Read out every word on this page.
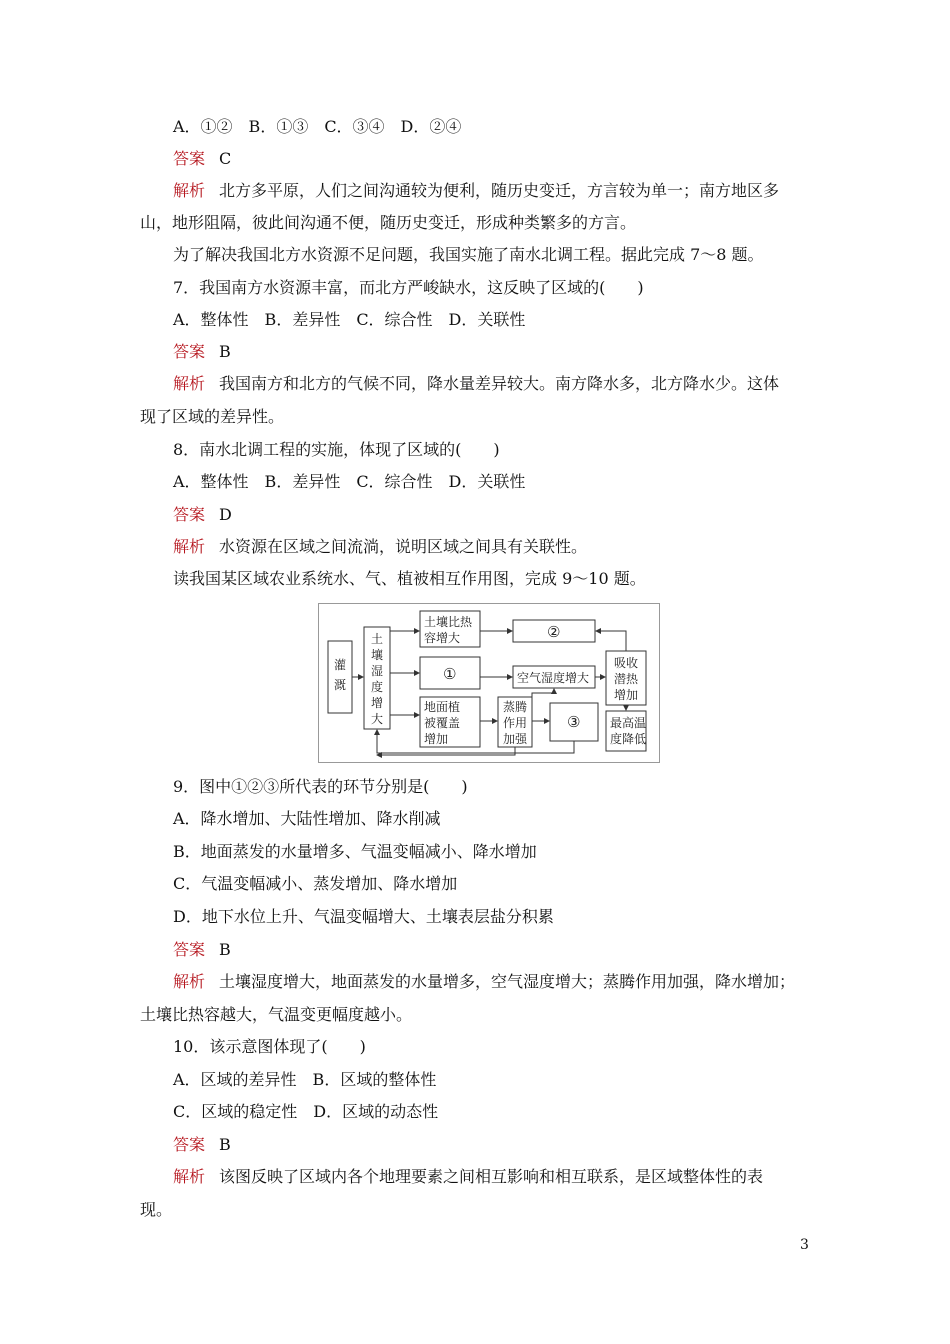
A．①②　B．①③　C．③④　D．②④
答案 C
解析 北方多平原，人们之间沟通较为便利，随历史变迁，方言较为单一；南方地区多
山，地形阻隔，彼此间沟通不便，随历史变迁，形成种类繁多的方言。
为了解决我国北方水资源不足问题，我国实施了南水北调工程。据此完成 7～8 题。
7．我国南方水资源丰富，而北方严峻缺水，这反映了区域的(　　)
A．整体性　B．差异性　C．综合性　D．关联性
答案 B
解析 我国南方和北方的气候不同，降水量差异较大。南方降水多，北方降水少。这体
现了区域的差异性。
8．南水北调工程的实施，体现了区域的(　　)
A．整体性　B．差异性　C．综合性　D．关联性
答案 D
解析 水资源在区域之间流淌，说明区域之间具有关联性。
读我国某区域农业系统水、气、植被相互作用图，完成 9～10 题。
灌
溉
土
壤
湿
度
增
大
土壤比热
容增大	②
①	空气湿度增大
地面植
被覆盖
增加
蒸腾
作用
加强
③
吸收
潜热
增加
最高温
度降低
9．图中①②③所代表的环节分别是(　　)
A．降水增加、大陆性增加、降水削减
B．地面蒸发的水量增多、气温变幅减小、降水增加
C．气温变幅减小、蒸发增加、降水增加
D．地下水位上升、气温变幅增大、土壤表层盐分积累
答案 B
解析 土壤湿度增大，地面蒸发的水量增多，空气湿度增大；蒸腾作用加强，降水增加；
土壤比热容越大，气温变更幅度越小。
10．该示意图体现了(　　)
A．区域的差异性　B．区域的整体性
C．区域的稳定性　D．区域的动态性
答案 B
解析 该图反映了区域内各个地理要素之间相互影响和相互联系，是区域整体性的表
现。
3
